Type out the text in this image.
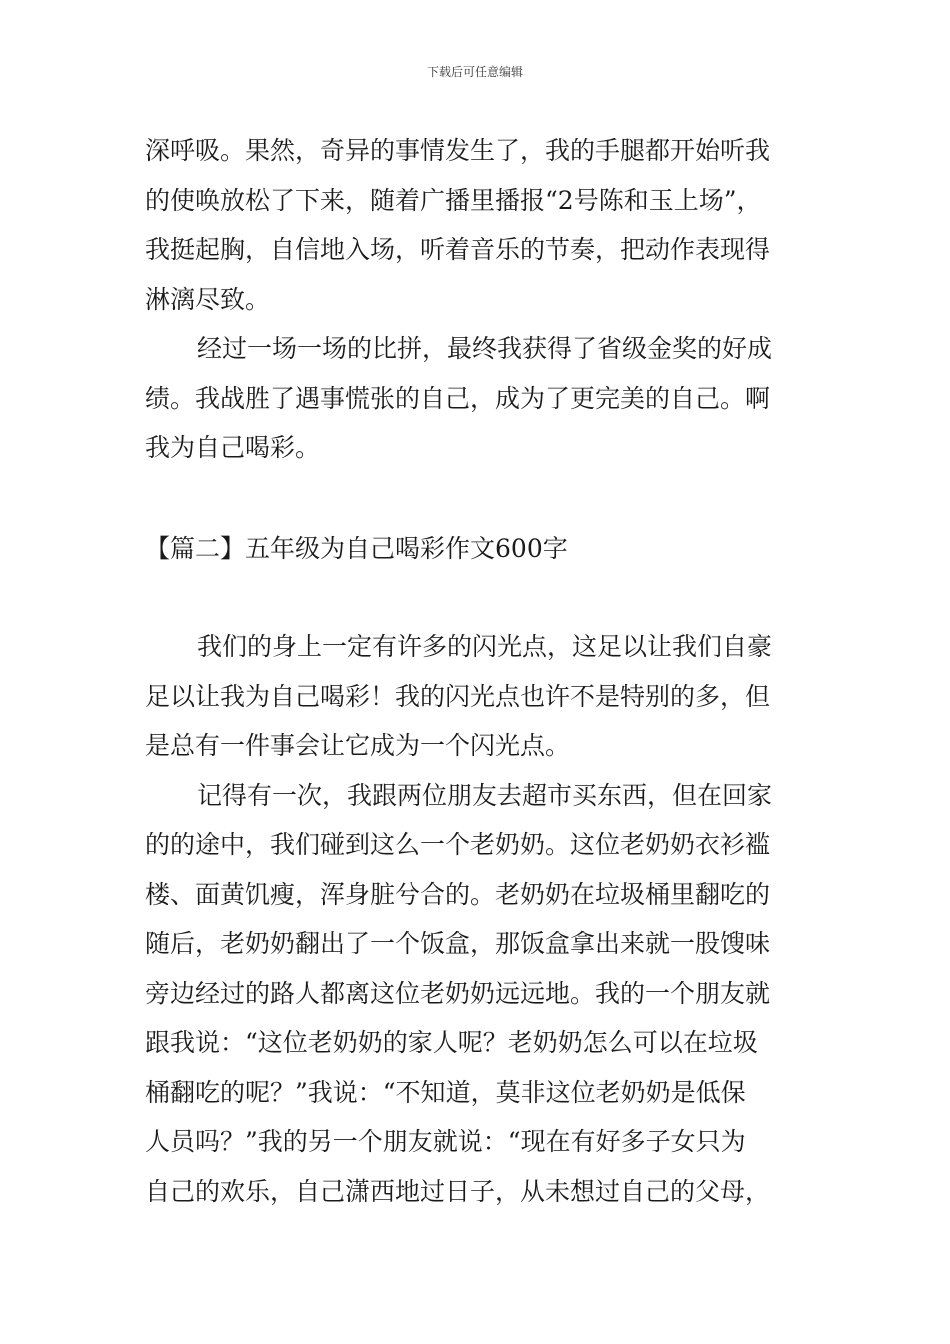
下载后可任意编辑
深呼吸。果然，奇异的事情发生了，我的手腿都开始听我
的使唤放松了下来，随着广播里播报“2号陈和玉上场”，
我挺起胸，自信地入场，听着音乐的节奏，把动作表现得
淋漓尽致。
经过一场一场的比拼，最终我获得了省级金奖的好成
绩。我战胜了遇事慌张的自己，成为了更完美的自己。啊
我为自己喝彩。
【篇二】五年级为自己喝彩作文600字
我们的身上一定有许多的闪光点，这足以让我们自豪
足以让我为自己喝彩！我的闪光点也许不是特别的多，但
是总有一件事会让它成为一个闪光点。
记得有一次，我跟两位朋友去超市买东西，但在回家
的的途中，我们碰到这么一个老奶奶。这位老奶奶衣衫褴
楼、面黄饥瘦，浑身脏兮合的。老奶奶在垃圾桶里翻吃的
随后，老奶奶翻出了一个饭盒，那饭盒拿出来就一股馊味
旁边经过的路人都离这位老奶奶远远地。我的一个朋友就
跟我说：“这位老奶奶的家人呢？老奶奶怎么可以在垃圾
桶翻吃的呢？”我说：“不知道，莫非这位老奶奶是低保
人员吗？”我的另一个朋友就说：“现在有好多子女只为
自己的欢乐，自己潇西地过日子，从未想过自己的父母，
